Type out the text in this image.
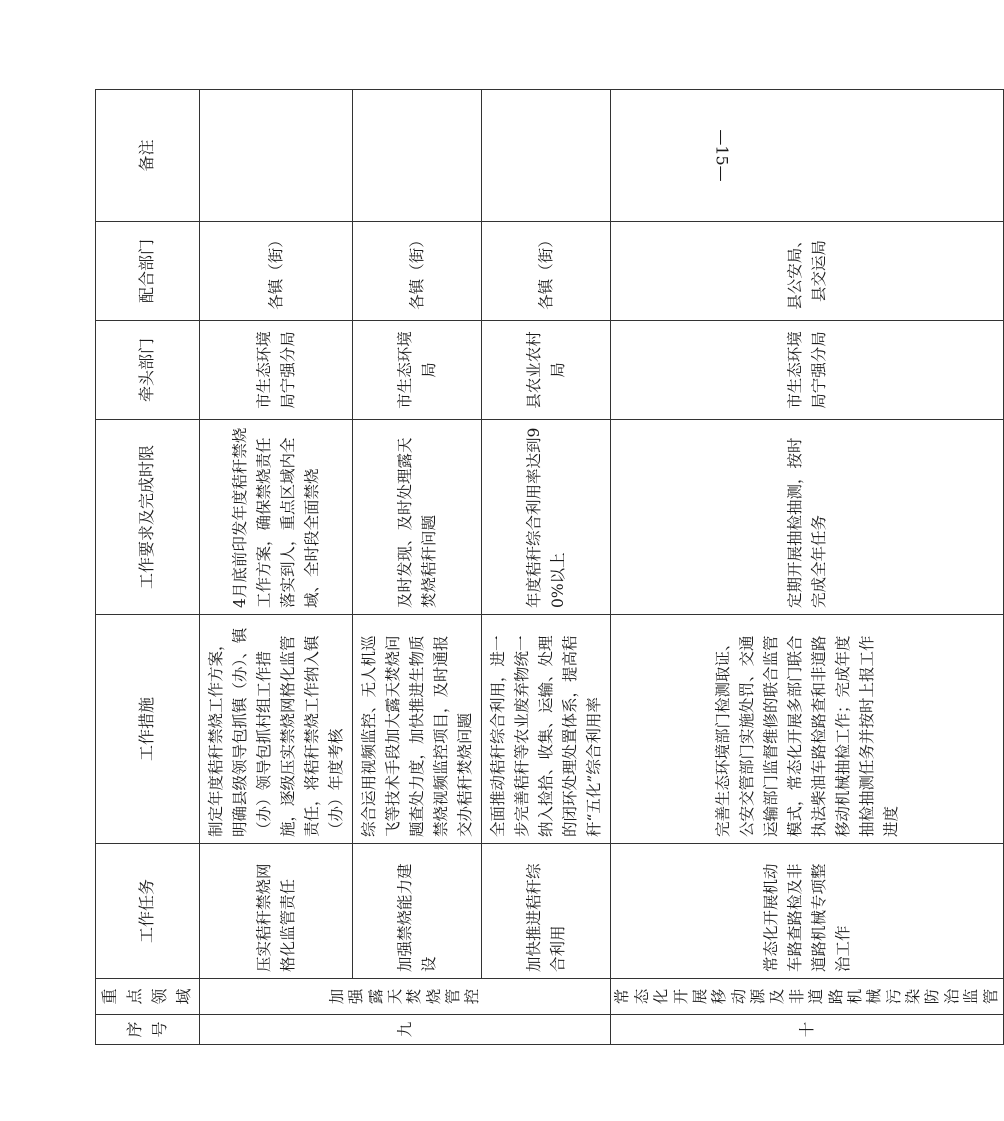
—15—
序号	重点领域	工作任务	工作措施	工作要求及完成时限	牵头部门	配合部门	备注
九	加强露天焚烧管控	压实秸秆禁烧网格化监管责任	制定年度秸秆禁烧工作方案，明确县级领导包抓镇（办）、镇（办）领导包抓村组工作措施，逐级压实禁烧网格化监管责任，将秸秆禁烧工作纳入镇（办）年度考核	4月底前印发年度秸秆禁烧工作方案，确保禁烧责任落实到人，重点区域内全域、全时段全面禁烧	市生态环境局宁强分局	各镇（街）	
		加强禁烧能力建设	综合运用视频监控、无人机巡飞等技术手段加大露天焚烧问题查处力度，加快推进生物质禁烧视频监控项目，及时通报交办秸秆焚烧问题	及时发现、及时处理露天焚烧秸秆问题	市生态环境局	各镇（街）	
		加快推进秸秆综合利用	全面推动秸秆综合利用，进一步完善秸秆等农业废弃物统一纳入捡拾、收集、运输、处理的闭环处理处置体系，提高秸秆“五化”综合利用率	年度秸秆综合利用率达到90%以上	县农业农村局	各镇（街）	
十	常态化开展移动源及非道路机械污染防治监管	常态化开展机动车路查路检及非道路机械专项整治工作	完善生态环境部门检测取证、公安交管部门实施处罚、交通运输部门监督维修的联合监管模式，常态化开展多部门联合执法柴油车路检路查和非道路移动机械抽检工作；完成年度抽检抽测任务并按时上报工作进度	定期开展抽检抽测，按时完成全年任务	市生态环境局宁强分局	县公安局、县交运局	
